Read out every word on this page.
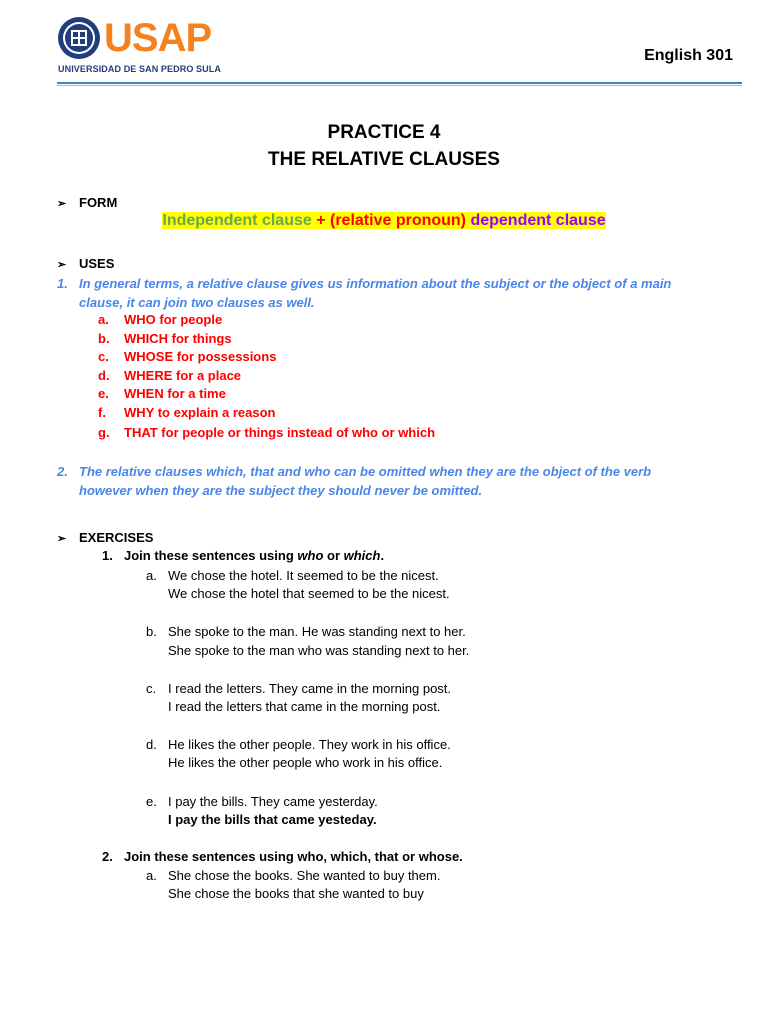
USAP
UNIVERSIDAD DE SAN PEDRO SULA
English 301
PRACTICE 4
THE RELATIVE CLAUSES
➢ FORM
Independent clause + (relative pronoun) dependent clause
➢ USES
1. In general terms, a relative clause gives us information about the subject or the object of a main
clause, it can join two clauses as well.
a. WHO for people
b. WHICH for things
c. WHOSE for possessions
d. WHERE for a place
e. WHEN for a time
f. WHY to explain a reason
g. THAT for people or things instead of who or which
2. The relative clauses which, that and who can be omitted when they are the object of the verb
however when they are the subject they should never be omitted.
➢ EXERCISES
1. Join these sentences using who or which.
a. We chose the hotel. It seemed to be the nicest.
We chose the hotel that seemed to be the nicest.
b. She spoke to the man. He was standing next to her.
She spoke to the man who was standing next to her.
c. I read the letters. They came in the morning post.
I read the letters that came in the morning post.
d. He likes the other people. They work in his office.
He likes the other people who work in his office.
e. I pay the bills. They came yesterday.
I pay the bills that came yesteday.
2. Join these sentences using who, which, that or whose.
a. She chose the books. She wanted to buy them.
She chose the books that she wanted to buy
